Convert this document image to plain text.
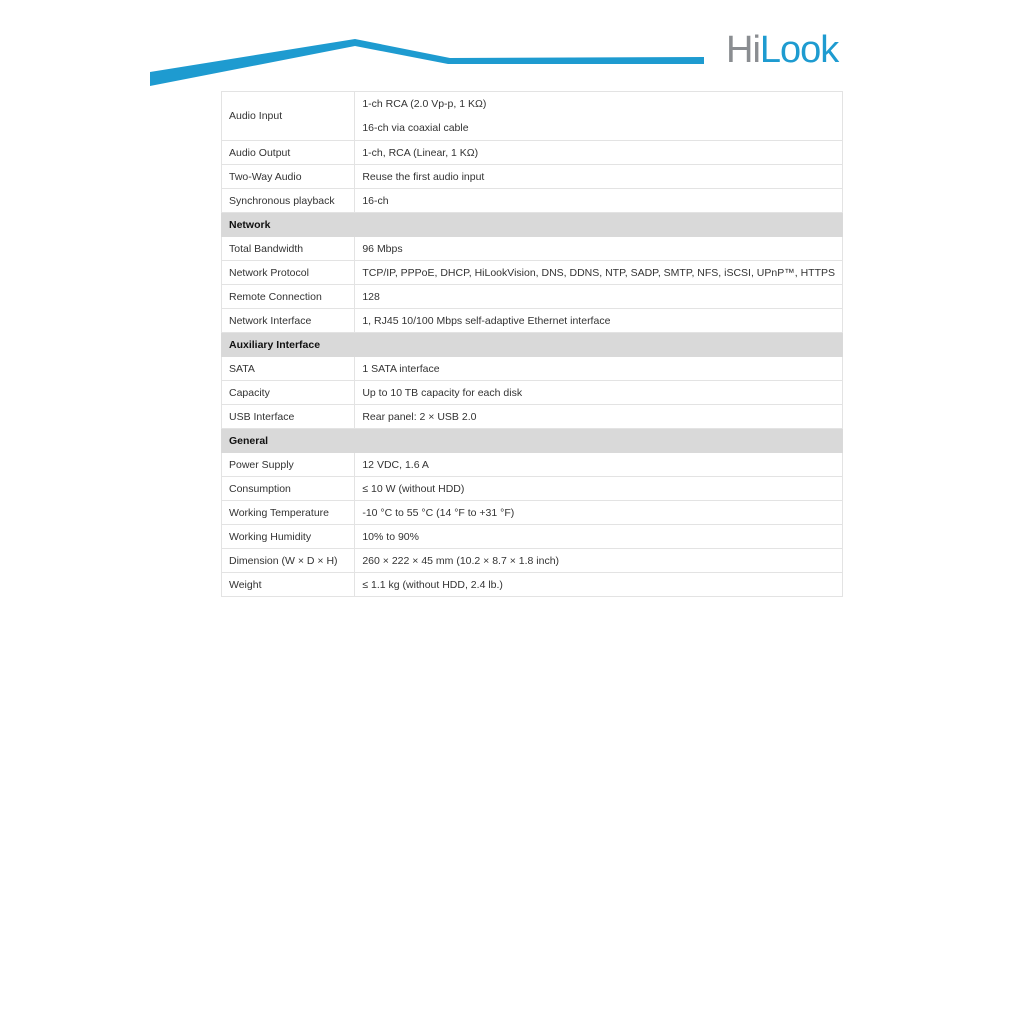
HiLook
Audio Input	1-ch RCA (2.0 Vp-p, 1 KΩ)
16-ch via coaxial cable

Audio Output	1-ch, RCA (Linear, 1 KΩ)
Two-Way Audio	Reuse the first audio input
Synchronous playback	16-ch
Network	
Total Bandwidth	96 Mbps
Network Protocol	TCP/IP, PPPoE, DHCP, HiLookVision, DNS, DDNS, NTP, SADP, SMTP, NFS, iSCSI, UPnP™, HTTPS
Remote Connection	128
Network Interface	1, RJ45 10/100 Mbps self-adaptive Ethernet interface
Auxiliary Interface	
SATA	1 SATA interface
Capacity	Up to 10 TB capacity for each disk
USB Interface	Rear panel: 2 × USB 2.0
General	
Power Supply	12 VDC, 1.6 A
Consumption	≤ 10 W (without HDD)
Working Temperature	-10 °C to 55 °C (14 °F to +31 °F)
Working Humidity	10% to 90%
Dimension (W × D × H)	260 × 222 × 45 mm (10.2 × 8.7 × 1.8 inch)
Weight	≤ 1.1 kg (without HDD, 2.4 lb.)
